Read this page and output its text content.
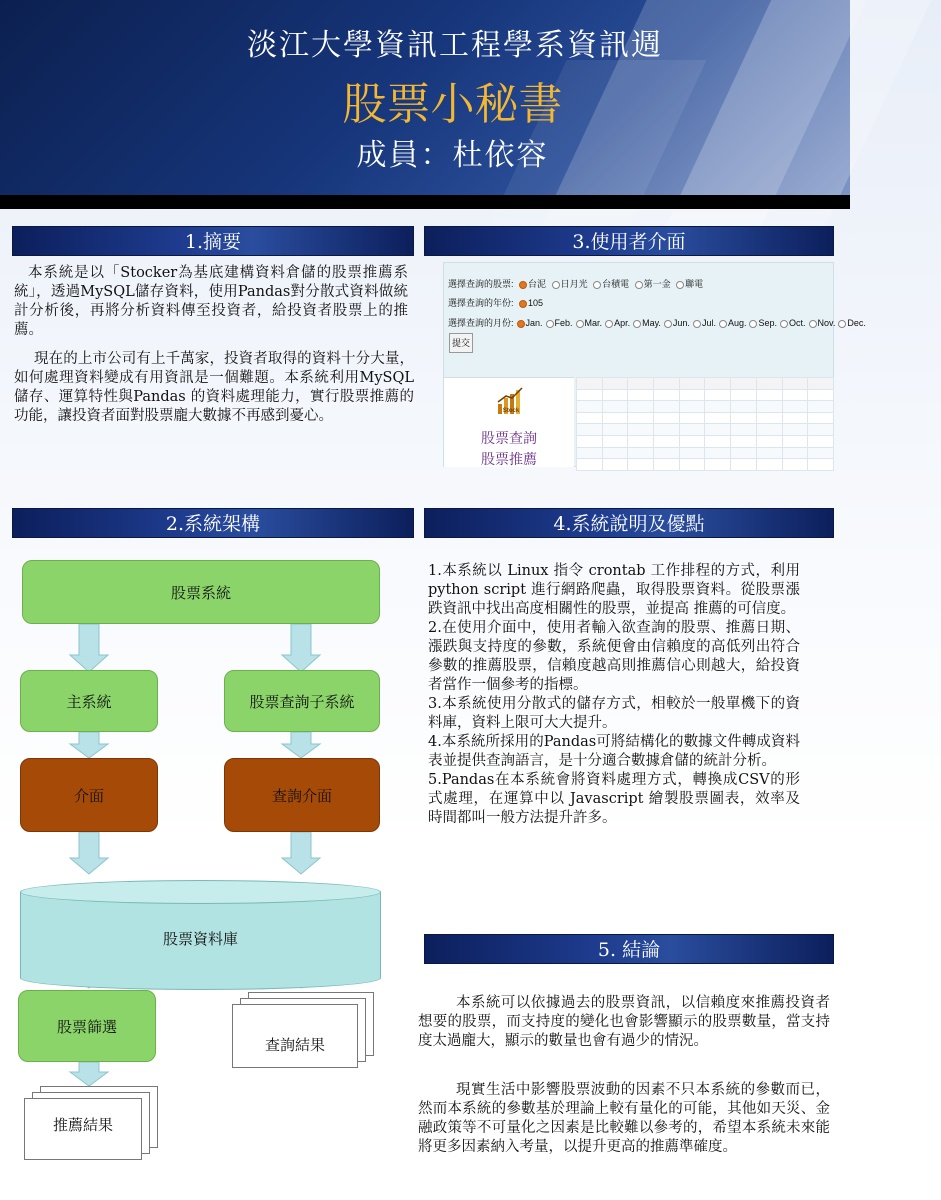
淡江大學資訊工程學系資訊週
股票小秘書
成員：杜依容
1.摘要
本系統是以「Stocker為基底建構資料倉儲的股票推薦系統」，透過MySQL儲存資料，使用Pandas對分散式資料做統計分析後，再將分析資料傳至投資者，給投資者股票上的推薦。
現在的上市公司有上千萬家，投資者取得的資料十分大量，如何處理資料變成有用資訊是一個難題。本系統利用MySQL儲存、運算特性與Pandas 的資料處理能力，實行股票推薦的功能，讓投資者面對股票龐大數據不再感到憂心。
3.使用者介面
選擇查詢的股票: 台泥 日月光 台積電 第一金 聯電
選擇查詢的年份: 105
選擇查詢的月份: Jan. Feb. Mar. Apr. May. Jun. Jul. Aug. Sep. Oct. Nov. Dec.
提交
Stock
股票查詢
股票推薦

2.系統架構
股票系統
主系統	股票查詢子系統
介面	查詢介面
股票資料庫
股票篩選
查詢結果
推薦結果
4.系統說明及優點
1.本系統以 Linux 指令 crontab 工作排程的方式，利用 python script 進行網路爬蟲，取得股票資料。從股票漲跌資訊中找出高度相關性的股票，並提高 推薦的可信度。
2.在使用介面中，使用者輸入欲查詢的股票、推薦日期、漲跌與支持度的參數，系統便會由信賴度的高低列出符合參數的推薦股票，信賴度越高則推薦信心則越大，給投資者當作一個參考的指標。
3.本系統使用分散式的儲存方式，相較於一般單機下的資料庫，資料上限可大大提升。
4.本系統所採用的Pandas可將結構化的數據文件轉成資料表並提供查詢語言，是十分適合數據倉儲的統計分析。
5.Pandas在本系統會將資料處理方式，轉換成CSV的形式處理，在運算中以 Javascript 繪製股票圖表，效率及時間都叫一般方法提升許多。
5. 結論
本系統可以依據過去的股票資訊，以信賴度來推薦投資者想要的股票，而支持度的變化也會影響顯示的股票數量，當支持度太過龐大，顯示的數量也會有過少的情況。
現實生活中影響股票波動的因素不只本系統的參數而已，然而本系統的參數基於理論上較有量化的可能，其他如天災、金融政策等不可量化之因素是比較難以參考的，希望本系統未來能將更多因素納入考量，以提升更高的推薦準確度。
